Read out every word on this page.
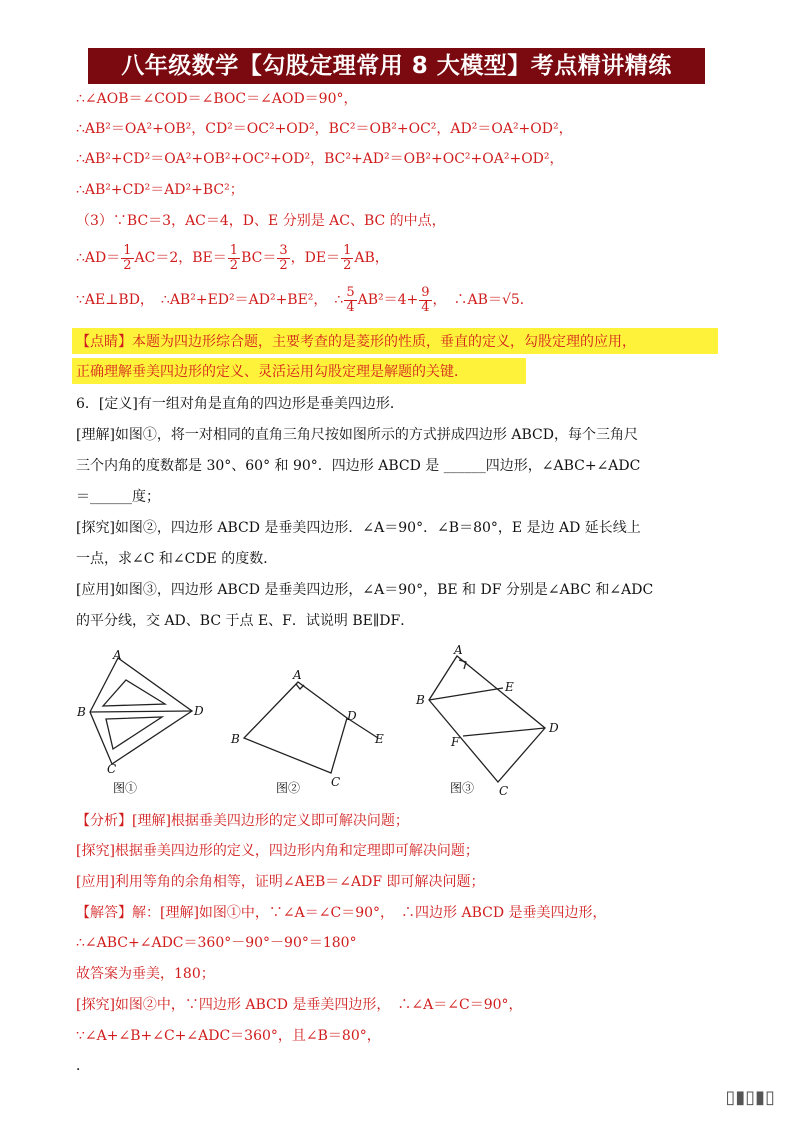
八年级数学【勾股定理常用 8 大模型】考点精讲精练
∴∠AOB＝∠COD＝∠BOC＝∠AOD＝90°，
∴AB²＝OA²+OB²，CD²＝OC²+OD²，BC²＝OB²+OC²，AD²＝OA²+OD²，
∴AB²+CD²＝OA²+OB²+OC²+OD²，BC²+AD²＝OB²+OC²+OA²+OD²，
∴AB²+CD²＝AD²+BC²；
（3）∵BC＝3，AC＝4，D、E 分别是 AC、BC 的中点，
∴AD＝ $\frac{1}{2} AC=2$，$BE= \frac{1}{2} BC= \frac{3}{2}$ ，$DE= \frac{1}{2}$ AB，
∵AE⊥BD，　∴AB²+ED²＝AD²+BE²，　∴ $\frac{5}{4} AB^2=4+ \frac{9}{4}$ ，　∴AB＝√5．
【点睛】本题为四边形综合题，主要考查的是菱形的性质，垂直的定义，勾股定理的应用，
正确理解垂美四边形的定义、灵活运用勾股定理是解题的关键．
6．[定义]有一组对角是直角的四边形是垂美四边形．
[理解]如图①，将一对相同的直角三角尺按如图所示的方式拼成四边形 ABCD，每个三角尺
三个内角的度数都是 30°、60° 和 90°．四边形 ABCD 是 ______四边形，∠ABC+∠ADC
＝______度；
[探究]如图②，四边形 ABCD 是垂美四边形．∠A＝90°．∠B＝80°，E 是边 AD 延长线上
一点，求∠C 和∠CDE 的度数．
[应用]如图③，四边形 ABCD 是垂美四边形，∠A＝90°，BE 和 DF 分别是∠ABC 和∠ADC
的平分线，交 AD、BC 于点 E、F．试说明 BE∥DF．
A
B
C
D
图①
A
B
C
D
E
图②
A
B
C
D
E
F
图③
【分析】[理解]根据垂美四边形的定义即可解决问题；
[探究]根据垂美四边形的定义，四边形内角和定理即可解决问题；
[应用]利用等角的余角相等，证明∠AEB＝∠ADF 即可解决问题；
【解答】解：[理解]如图①中，∵∠A＝∠C＝90°，　∴四边形 ABCD 是垂美四边形，
∴∠ABC+∠ADC＝360°－90°－90°＝180°
故答案为垂美，180；
[探究]如图②中，∵四边形 ABCD 是垂美四边形，　∴∠A＝∠C＝90°，
∵∠A+∠B+∠C+∠ADC＝360°，且∠B＝80°，
．
▯▮▯▮▯
